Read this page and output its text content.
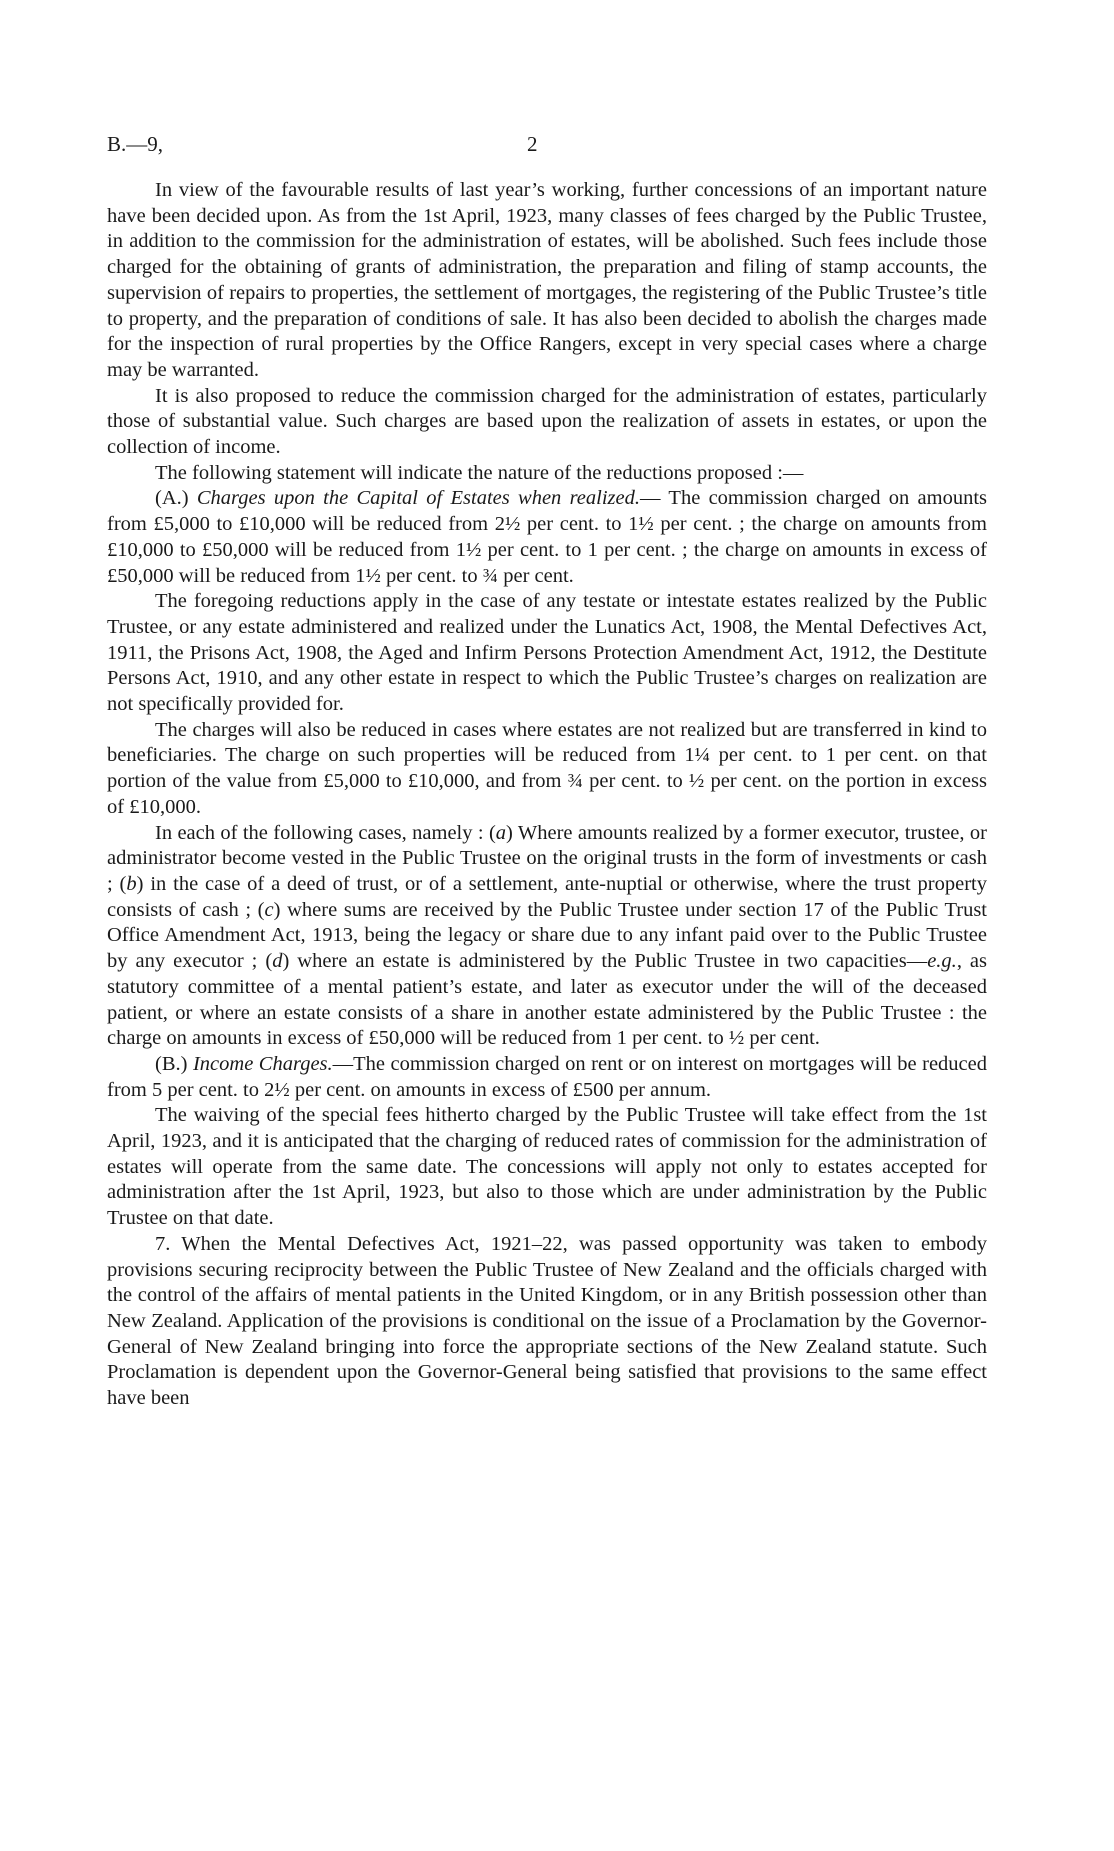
B.—9,	2

In view of the favourable results of last year’s working, further concessions of an important nature have been decided upon. As from the 1st April, 1923, many classes of fees charged by the Public Trustee, in addition to the commission for the administration of estates, will be abolished. Such fees include those charged for the obtaining of grants of administration, the preparation and filing of stamp accounts, the supervision of repairs to properties, the settlement of mortgages, the registering of the Public Trustee’s title to property, and the preparation of conditions of sale. It has also been decided to abolish the charges made for the inspection of rural properties by the Office Rangers, except in very special cases where a charge may be warranted.

It is also proposed to reduce the commission charged for the administration of estates, particularly those of substantial value. Such charges are based upon the realization of assets in estates, or upon the collection of income.

The following statement will indicate the nature of the reductions proposed :—

(A.) Charges upon the Capital of Estates when realized.— The commission charged on amounts from £5,000 to £10,000 will be reduced from 2½ per cent. to 1½ per cent. ; the charge on amounts from £10,000 to £50,000 will be reduced from 1½ per cent. to 1 per cent. ; the charge on amounts in excess of £50,000 will be reduced from 1½ per cent. to ¾ per cent.

The foregoing reductions apply in the case of any testate or intestate estates realized by the Public Trustee, or any estate administered and realized under the Lunatics Act, 1908, the Mental Defectives Act, 1911, the Prisons Act, 1908, the Aged and Infirm Persons Protection Amendment Act, 1912, the Destitute Persons Act, 1910, and any other estate in respect to which the Public Trustee’s charges on realization are not specifically provided for.

The charges will also be reduced in cases where estates are not realized but are transferred in kind to beneficiaries. The charge on such properties will be reduced from 1¼ per cent. to 1 per cent. on that portion of the value from £5,000 to £10,000, and from ¾ per cent. to ½ per cent. on the portion in excess of £10,000.

In each of the following cases, namely : (a) Where amounts realized by a former executor, trustee, or administrator become vested in the Public Trustee on the original trusts in the form of investments or cash ; (b) in the case of a deed of trust, or of a settlement, ante-nuptial or otherwise, where the trust property consists of cash ; (c) where sums are received by the Public Trustee under section 17 of the Public Trust Office Amendment Act, 1913, being the legacy or share due to any infant paid over to the Public Trustee by any executor ; (d) where an estate is administered by the Public Trustee in two capacities—e.g., as statutory committee of a mental patient’s estate, and later as executor under the will of the deceased patient, or where an estate consists of a share in another estate administered by the Public Trustee : the charge on amounts in excess of £50,000 will be reduced from 1 per cent. to ½ per cent.

(B.) Income Charges.—The commission charged on rent or on interest on mortgages will be reduced from 5 per cent. to 2½ per cent. on amounts in excess of £500 per annum.

The waiving of the special fees hitherto charged by the Public Trustee will take effect from the 1st April, 1923, and it is anticipated that the charging of reduced rates of commission for the administration of estates will operate from the same date. The concessions will apply not only to estates accepted for administration after the 1st April, 1923, but also to those which are under administration by the Public Trustee on that date.

7. When the Mental Defectives Act, 1921–22, was passed opportunity was taken to embody provisions securing reciprocity between the Public Trustee of New Zealand and the officials charged with the control of the affairs of mental patients in the United Kingdom, or in any British possession other than New Zealand. Application of the provisions is conditional on the issue of a Proclamation by the Governor-General of New Zealand bringing into force the appropriate sections of the New Zealand statute. Such Proclamation is dependent upon the Governor-General being satisfied that provisions to the same effect have been
